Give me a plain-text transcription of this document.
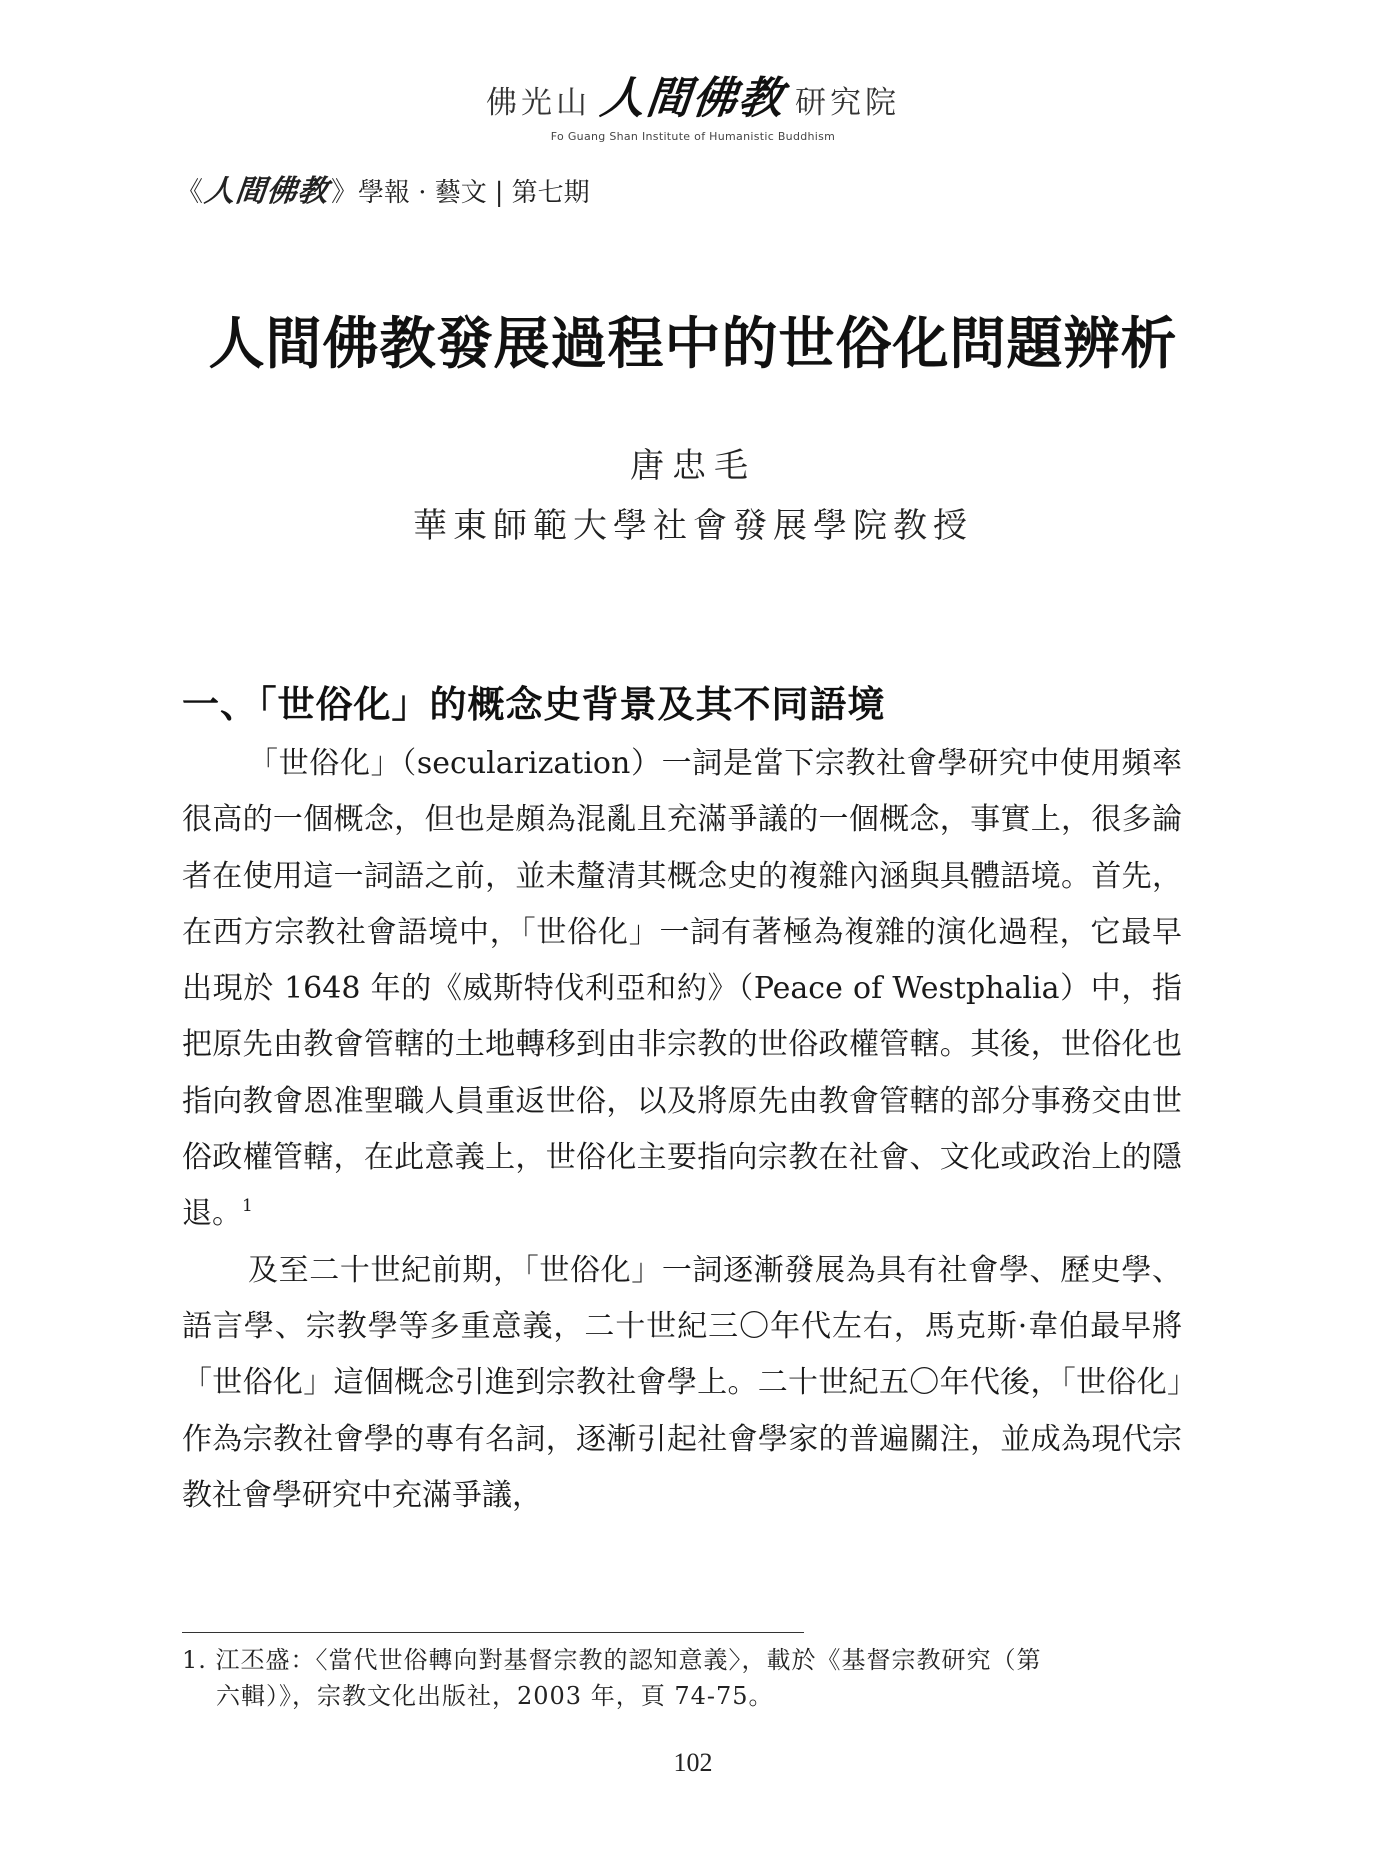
佛光山 人間佛教 研究院
Fo Guang Shan Institute of Humanistic Buddhism
《 人間佛教 》 學報 · 藝文 | 第七期
人間佛教發展過程中的世俗化問題辨析
唐忠毛
華東師範大學社會發展學院教授
一、「世俗化」的概念史背景及其不同語境

「世俗化」（secularization）一詞是當下宗教社會學研究中使用頻率很高的一個概念，但也是頗為混亂且充滿爭議的一個概念，事實上，很多論者在使用這一詞語之前，並未釐清其概念史的複雜內涵與具體語境。首先，在西方宗教社會語境中，「世俗化」一詞有著極為複雜的演化過程，它最早出現於 1648 年的《威斯特伐利亞和約》（Peace of Westphalia）中，指把原先由教會管轄的土地轉移到由非宗教的世俗政權管轄。其後，世俗化也指向教會恩准聖職人員重返世俗，以及將原先由教會管轄的部分事務交由世俗政權管轄，在此意義上，世俗化主要指向宗教在社會、文化或政治上的隱退。$^1$

及至二十世紀前期，「世俗化」一詞逐漸發展為具有社會學、歷史學、語言學、宗教學等多重意義，二十世紀三〇年代左右，馬克斯·韋伯最早將「世俗化」這個概念引進到宗教社會學上。二十世紀五〇年代後，「世俗化」作為宗教社會學的專有名詞，逐漸引起社會學家的普遍關注，並成為現代宗教社會學研究中充滿爭議，

1. 江丕盛：〈當代世俗轉向對基督宗教的認知意義〉，載於《基督宗教研究（第
六輯）》，宗教文化出版社，2003 年，頁 74-75。
102
